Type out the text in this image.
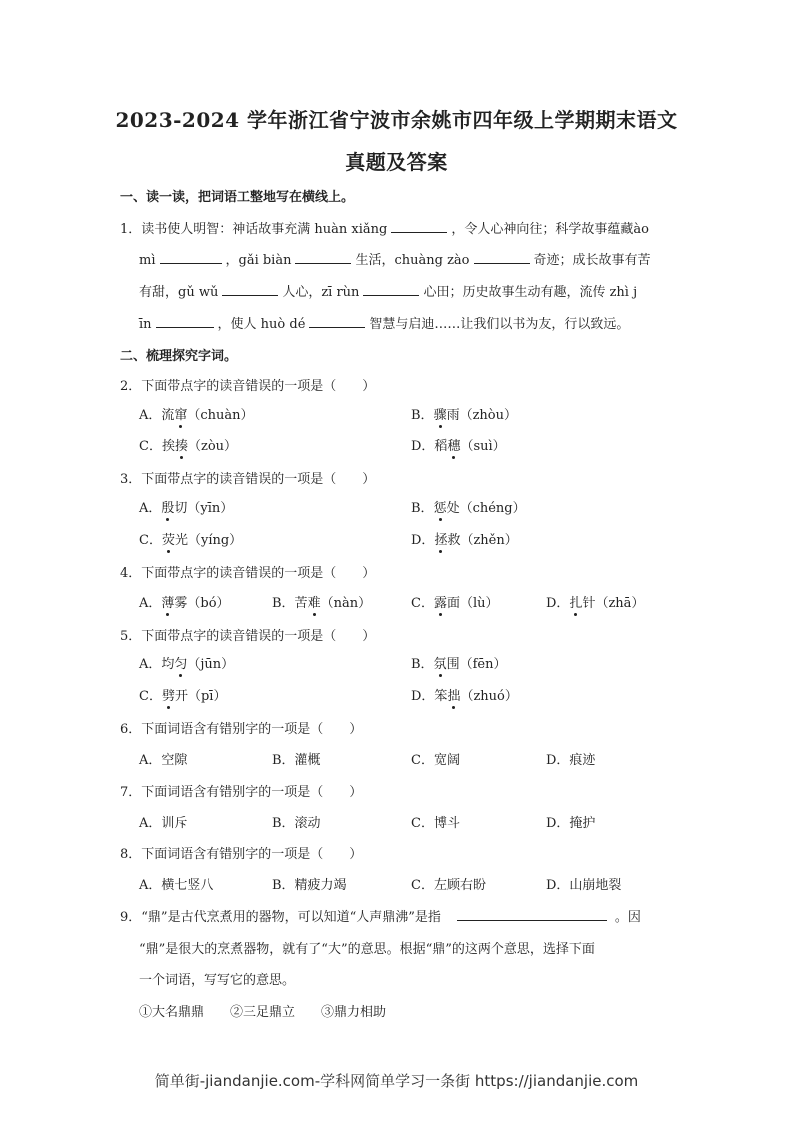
2023-2024 学年浙江省宁波市余姚市四年级上学期期末语文
真题及答案
一、读一读，把词语工整地写在横线上。
1．读书使人明智：神话故事充满 huàn xiǎng	，令人心神向往；科学故事蕴藏ào
mì	，gǎi biàn	生活，chuàng zào	奇迹；成长故事有苦
有甜，gǔ wǔ	人心，zī rùn	心田；历史故事生动有趣，流传 zhì j
īn	，使人 huò dé	智慧与启迪……让我们以书为友，行以致远。
二、梳理探究字词。
2．下面带点字的读音错误的一项是（　　）
A．流窜（chuàn）	B．骤雨（zhòu）
C．挨揍（zòu）	D．稻穗（suì）
3．下面带点字的读音错误的一项是（　　）
A．殷切（yīn）	B．惩处（chéng）
C．荧光（yíng）	D．拯救（zhěn）
4．下面带点字的读音错误的一项是（　　）
A．薄雾（bó）	B．苦难（nàn）	C．露面（lù）	D．扎针（zhā）
5．下面带点字的读音错误的一项是（　　）
A．均匀（jūn）	B．氛围（fēn）
C．劈开（pī）	D．笨拙（zhuó）
6．下面词语含有错别字的一项是（　　）
A．空隙	B．灌概	C．宽阔	D．痕迹
7．下面词语含有错别字的一项是（　　）
A．训斥	B．滚动	C．博斗	D．掩护
8．下面词语含有错别字的一项是（　　）
A．横七竖八	B．精疲力竭	C．左顾右盼	D．山崩地裂
9．“鼎”是古代烹煮用的器物，可以知道“人声鼎沸”是指	。因
“鼎”是很大的烹煮器物，就有了“大”的意思。根据“鼎”的这两个意思，选择下面
一个词语，写写它的意思。
①大名鼎鼎　　②三足鼎立　　③鼎力相助
简单街-jiandanjie.com-学科网简单学习一条街 https://jiandanjie.com
